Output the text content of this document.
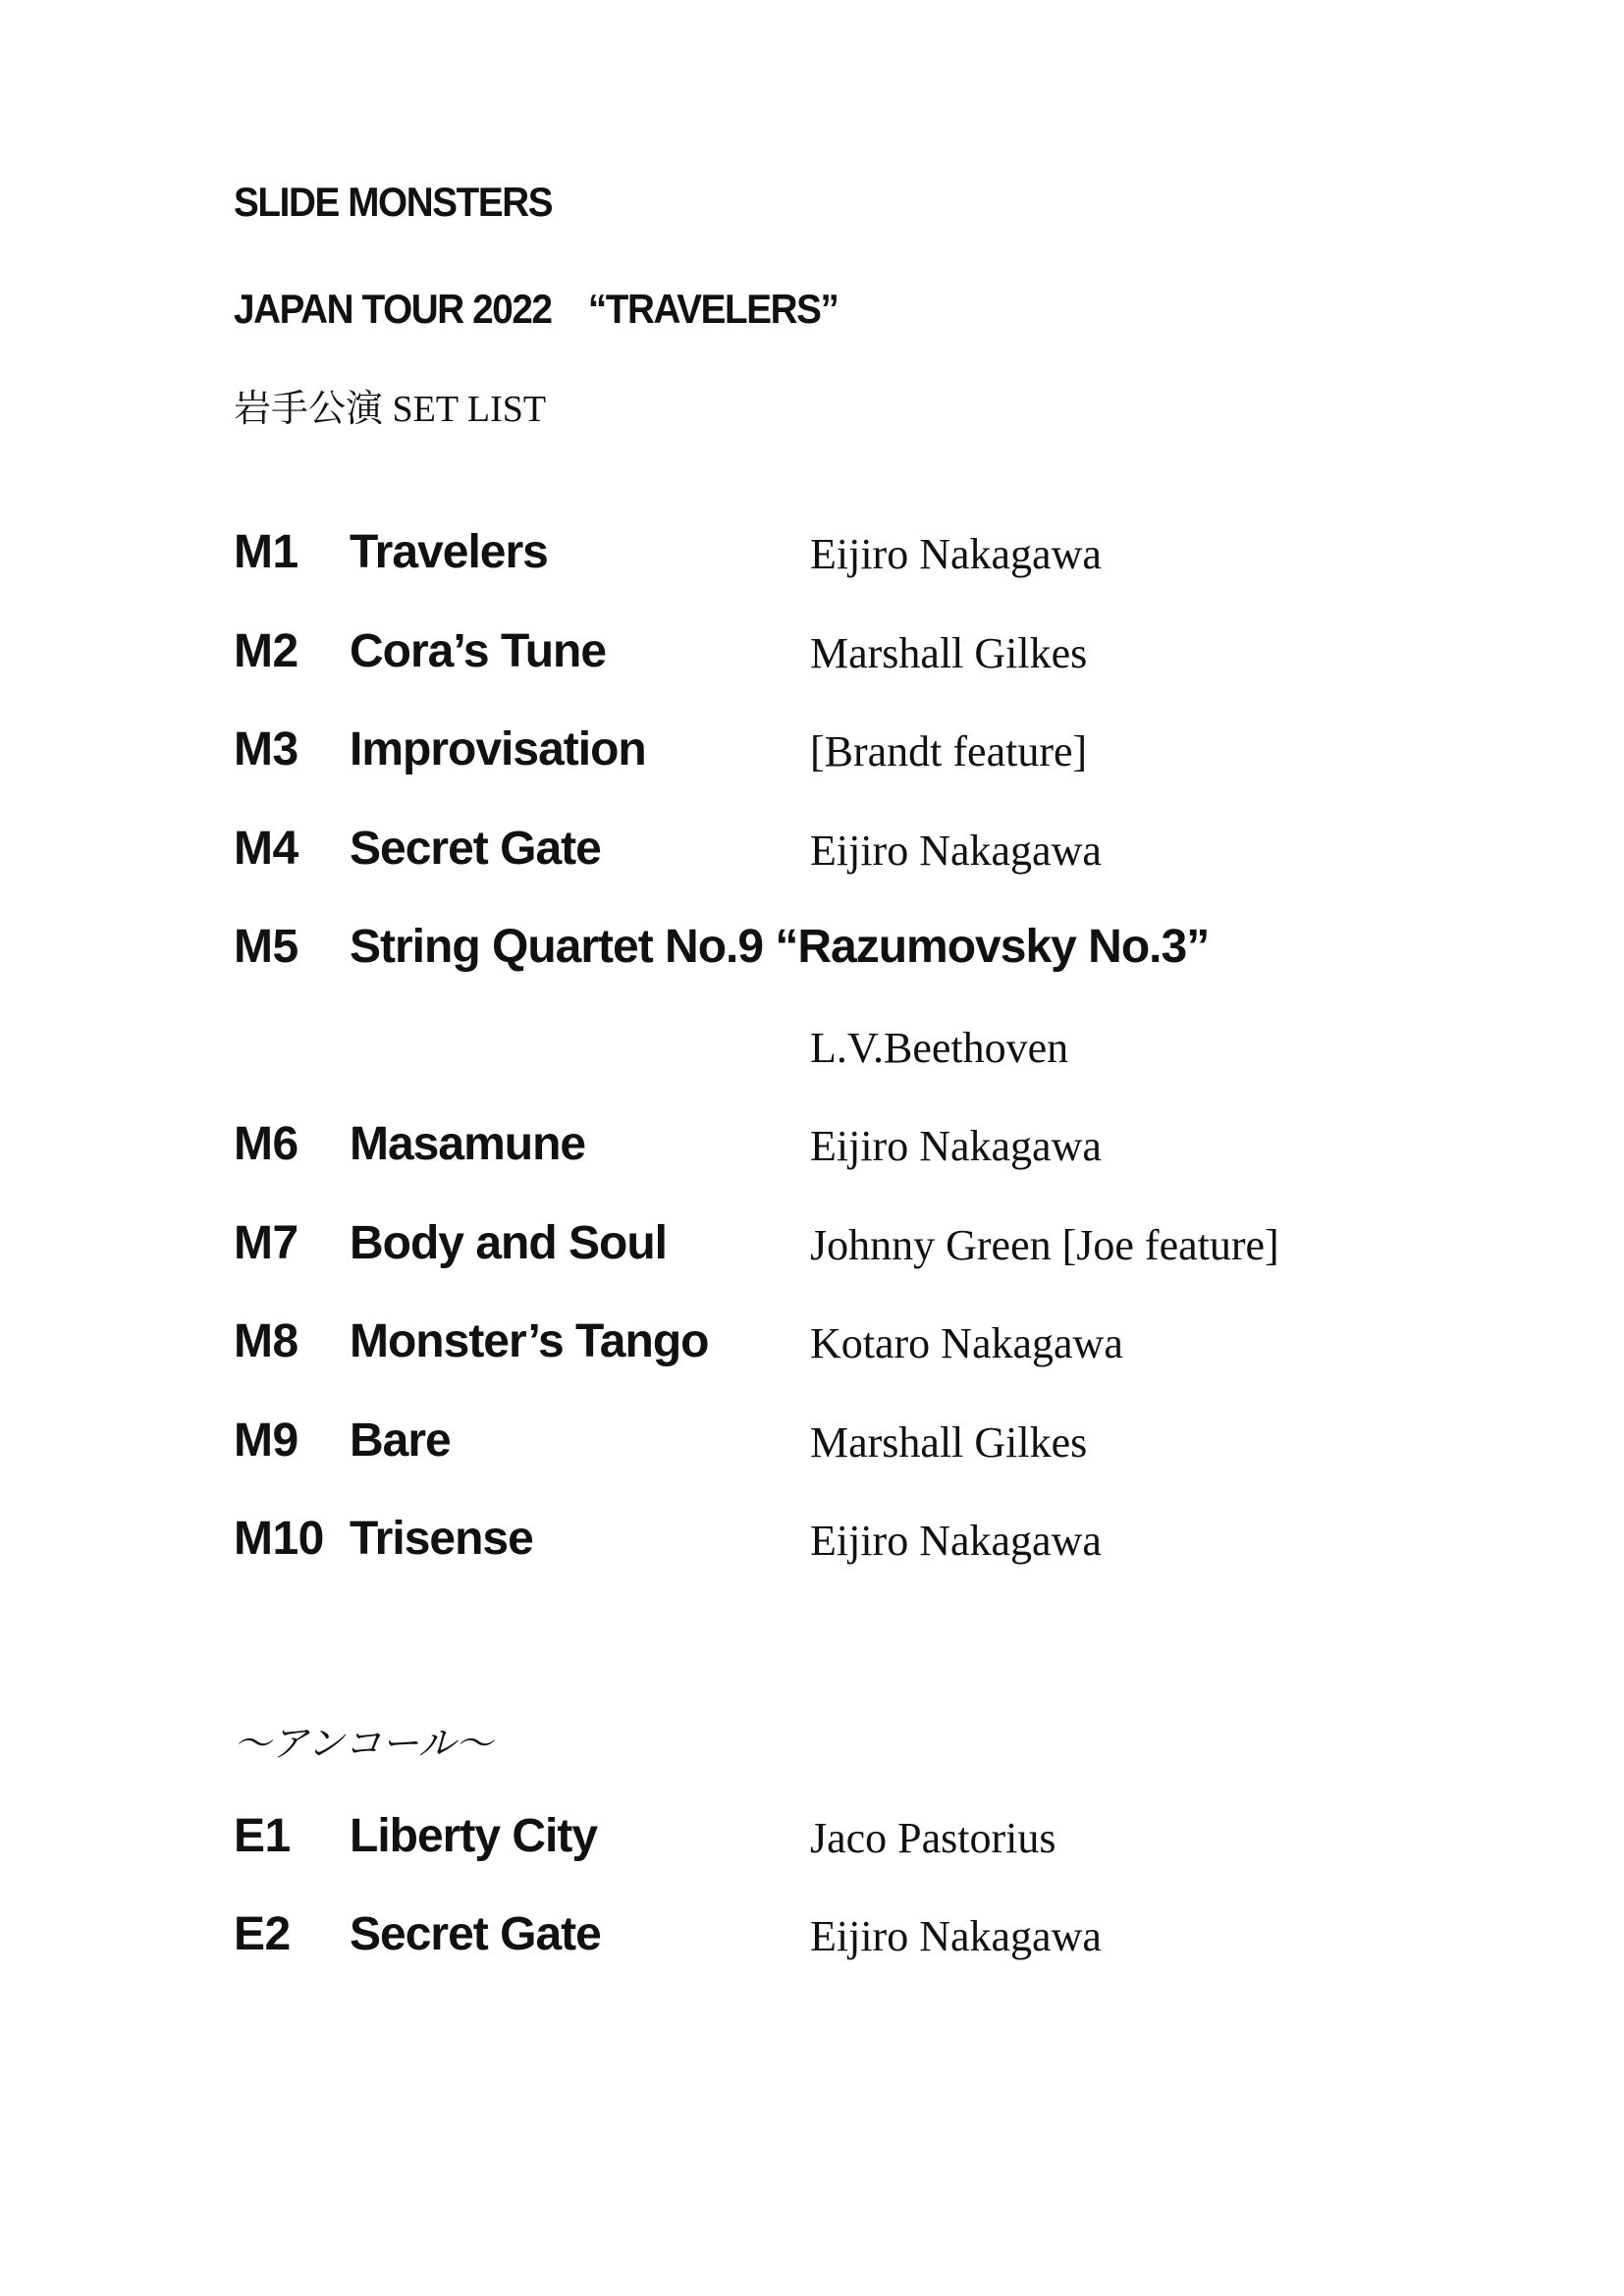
SLIDE MONSTERS
JAPAN TOUR 2022　“TRAVELERS”
岩手公演 SET LIST
M1 Travelers	Eijiro Nakagawa
M2 Cora’s Tune	Marshall Gilkes
M3 Improvisation	[Brandt feature]
M4 Secret Gate	Eijiro Nakagawa
M5 String Quartet No.9 “Razumovsky No.3”
L.V.Beethoven
M6 Masamune	Eijiro Nakagawa
M7 Body and Soul	Johnny Green [Joe feature]
M8 Monster’s Tango Kotaro Nakagawa
M9 Bare	Marshall Gilkes
M10 Trisense	Eijiro Nakagawa
～アンコール～
E1 Liberty City	Jaco Pastorius
E2 Secret Gate	Eijiro Nakagawa
